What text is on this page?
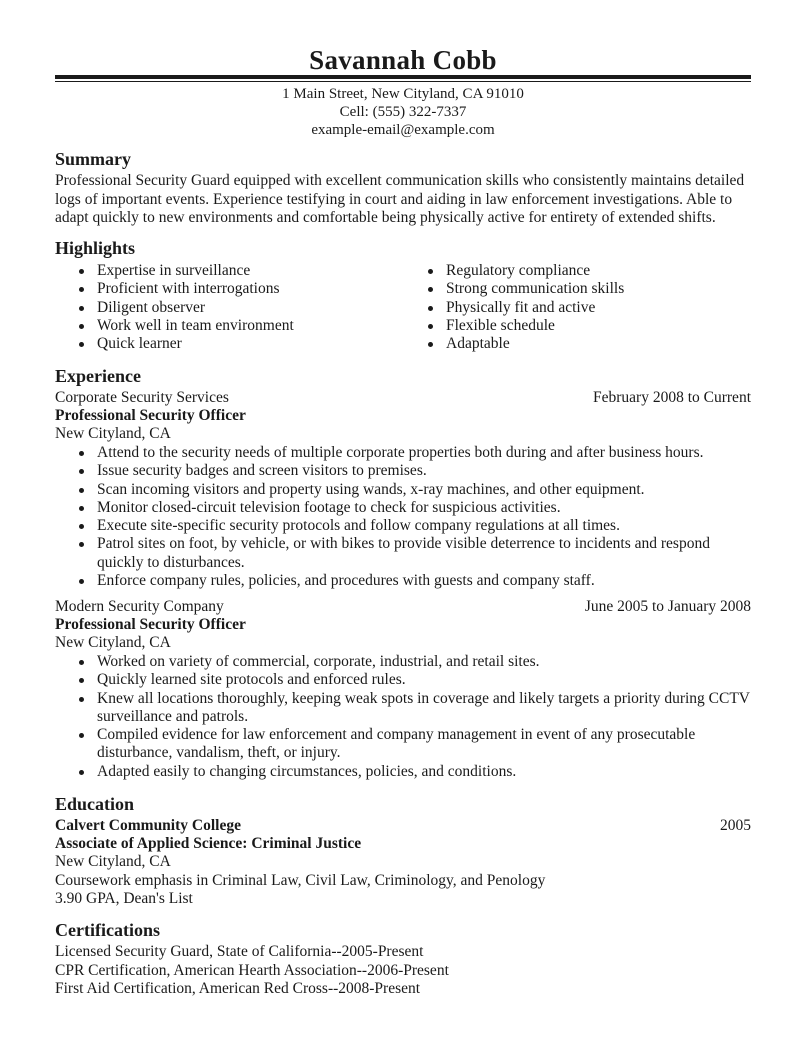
Savannah Cobb
1 Main Street, New Cityland, CA 91010
Cell: (555) 322-7337
example-email@example.com
Summary
Professional Security Guard equipped with excellent communication skills who consistently maintains detailed logs of important events. Experience testifying in court and aiding in law enforcement investigations. Able to adapt quickly to new environments and comfortable being physically active for entirety of extended shifts.
Highlights
Expertise in surveillance
Proficient with interrogations
Diligent observer
Work well in team environment
Quick learner
Regulatory compliance
Strong communication skills
Physically fit and active
Flexible schedule
Adaptable
Experience
Corporate Security Services	February 2008 to Current
Professional Security Officer
New Cityland, CA
Attend to the security needs of multiple corporate properties both during and after business hours.
Issue security badges and screen visitors to premises.
Scan incoming visitors and property using wands, x-ray machines, and other equipment.
Monitor closed-circuit television footage to check for suspicious activities.
Execute site-specific security protocols and follow company regulations at all times.
Patrol sites on foot, by vehicle, or with bikes to provide visible deterrence to incidents and respond quickly to disturbances.
Enforce company rules, policies, and procedures with guests and company staff.
Modern Security Company	June 2005 to January 2008
Professional Security Officer
New Cityland, CA
Worked on variety of commercial, corporate, industrial, and retail sites.
Quickly learned site protocols and enforced rules.
Knew all locations thoroughly, keeping weak spots in coverage and likely targets a priority during CCTV surveillance and patrols.
Compiled evidence for law enforcement and company management in event of any prosecutable disturbance, vandalism, theft, or injury.
Adapted easily to changing circumstances, policies, and conditions.
Education
Calvert Community College	2005
Associate of Applied Science: Criminal Justice
New Cityland, CA
Coursework emphasis in Criminal Law, Civil Law, Criminology, and Penology
3.90 GPA, Dean's List
Certifications
Licensed Security Guard, State of California--2005-Present
CPR Certification, American Hearth Association--2006-Present
First Aid Certification, American Red Cross--2008-Present
